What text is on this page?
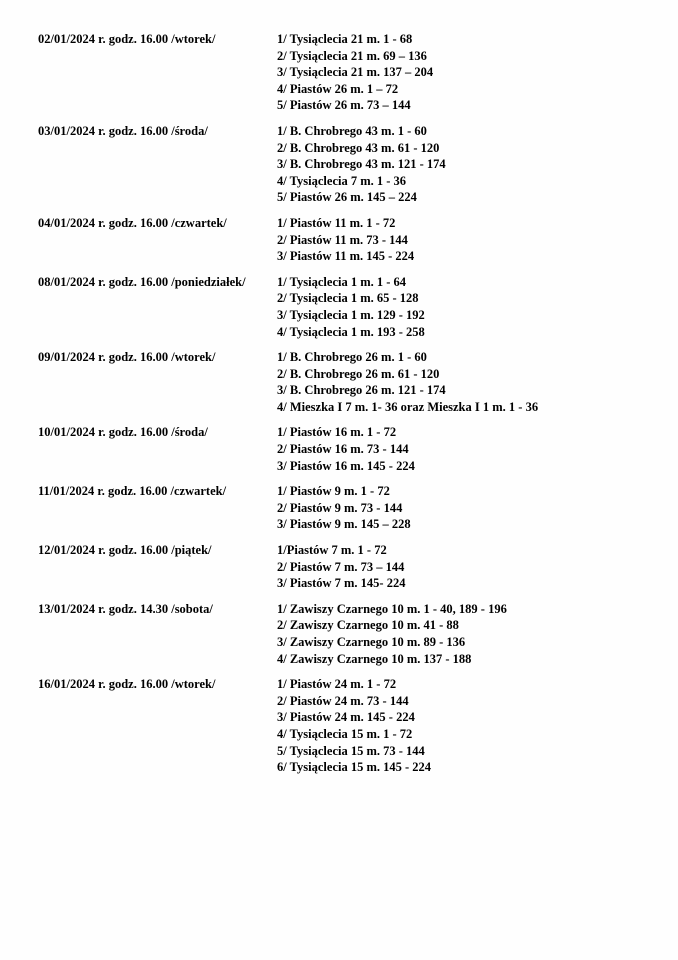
02/01/2024 r. godz. 16.00 /wtorek/	1/ Tysiąclecia 21 m. 1 - 68
2/ Tysiąclecia 21 m. 69 – 136
3/ Tysiąclecia 21 m. 137 – 204
4/ Piastów 26 m. 1 – 72
5/ Piastów 26 m. 73 – 144
03/01/2024 r. godz. 16.00 /środa/	1/ B. Chrobrego 43 m. 1 - 60
2/ B. Chrobrego 43 m. 61 - 120
3/ B. Chrobrego 43 m. 121 - 174
4/ Tysiąclecia 7 m. 1 - 36
5/ Piastów 26 m. 145 – 224
04/01/2024 r. godz. 16.00 /czwartek/	1/ Piastów 11 m. 1 - 72
2/ Piastów 11 m. 73 - 144
3/ Piastów 11 m. 145 - 224
08/01/2024 r. godz. 16.00 /poniedziałek/	1/ Tysiąclecia 1 m. 1 - 64
2/ Tysiąclecia 1 m. 65 - 128
3/ Tysiąclecia 1 m. 129 - 192
4/ Tysiąclecia 1 m. 193 - 258
09/01/2024 r. godz. 16.00 /wtorek/	1/ B. Chrobrego 26 m. 1 - 60
2/ B. Chrobrego 26 m. 61 - 120
3/ B. Chrobrego 26 m. 121 - 174
4/ Mieszka I 7 m. 1- 36 oraz Mieszka I 1 m. 1 - 36
10/01/2024 r. godz. 16.00 /środa/	1/ Piastów 16 m. 1 - 72
2/ Piastów 16 m. 73 - 144
3/ Piastów 16 m. 145 - 224
11/01/2024 r. godz. 16.00 /czwartek/	1/ Piastów 9 m. 1 - 72
2/ Piastów 9 m. 73 - 144
3/ Piastów 9 m. 145 – 228
12/01/2024 r. godz. 16.00 /piątek/	1/Piastów 7 m. 1 - 72
2/ Piastów 7 m. 73 – 144
3/ Piastów 7 m. 145- 224
13/01/2024 r. godz. 14.30 /sobota/	1/ Zawiszy Czarnego 10 m. 1 - 40, 189 - 196
2/ Zawiszy Czarnego 10 m. 41 - 88
3/ Zawiszy Czarnego 10 m. 89 - 136
4/ Zawiszy Czarnego 10 m. 137 - 188
16/01/2024 r. godz. 16.00 /wtorek/	1/ Piastów 24 m. 1 - 72
2/ Piastów 24 m. 73 - 144
3/ Piastów 24 m. 145 - 224
4/ Tysiąclecia 15 m. 1 - 72
5/ Tysiąclecia 15 m. 73 - 144
6/ Tysiąclecia 15 m. 145 - 224
